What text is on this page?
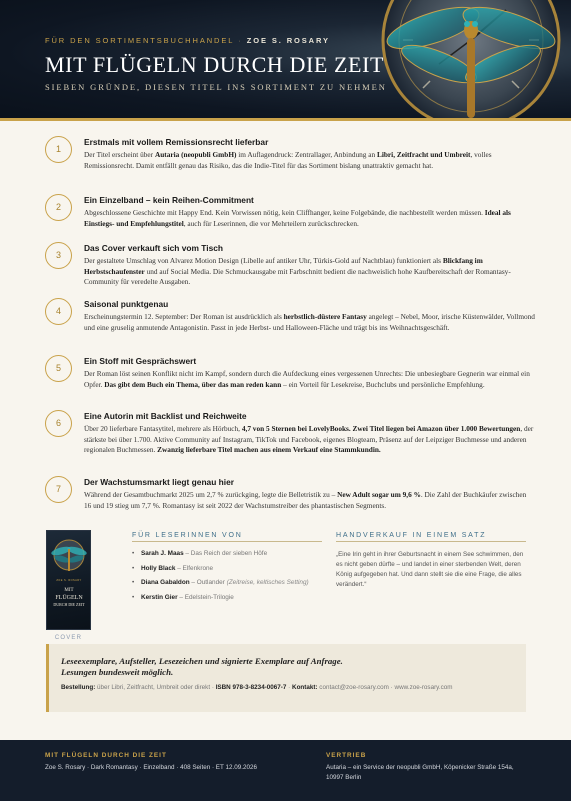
FÜR DEN SORTIMENTSBUCHHANDEL · ZOE S. ROSARY
MIT FLÜGELN DURCH DIE ZEIT
SIEBEN GRÜNDE, DIESEN TITEL INS SORTIMENT ZU NEHMEN
1
Erstmals mit vollem Remissionsrecht lieferbar
Der Titel erscheint über Autaria (neopubli GmbH) im Auflagendruck: Zentrallager, Anbindung an Libri, Zeitfracht und Umbreit, volles Remissionsrecht. Damit entfällt genau das Risiko, das die Indie-Titel für das Sortiment bislang unattraktiv gemacht hat.
2
Ein Einzelband – kein Reihen-Commitment
Abgeschlossene Geschichte mit Happy End. Kein Vorwissen nötig, kein Cliffhanger, keine Folgebände, die nachbestellt werden müssen. Ideal als Einstiegs- und Empfehlungstitel, auch für Leserinnen, die vor Mehrteilern zurückschrecken.
3
Das Cover verkauft sich vom Tisch
Der gestaltete Umschlag von Alvarez Motion Design (Libelle auf antiker Uhr, Türkis-Gold auf Nachtblau) funktioniert als Blickfang im Herbstschaufenster und auf Social Media. Die Schmuckausgabe mit Farbschnitt bedient die nachweislich hohe Kaufbereitschaft der Romantasy-Community für veredelte Ausgaben.
4
Saisonal punktgenau
Erscheinungstermin 12. September: Der Roman ist ausdrücklich als herbstlich-düstere Fantasy angelegt – Nebel, Moor, irische Küstenwälder, Vollmond und eine gruselig anmutende Antagonistin. Passt in jede Herbst- und Halloween-Fläche und trägt bis ins Weihnachtsgeschäft.
5
Ein Stoff mit Gesprächswert
Der Roman löst seinen Konflikt nicht im Kampf, sondern durch die Aufdeckung eines vergessenen Unrechts: Die unbesiegbare Gegnerin war einmal ein Opfer. Das gibt dem Buch ein Thema, über das man reden kann – ein Vorteil für Lesekreise, Buchclubs und persönliche Empfehlung.
6
Eine Autorin mit Backlist und Reichweite
Über 20 lieferbare Fantasytitel, mehrere als Hörbuch, 4,7 von 5 Sternen bei LovelyBooks. Zwei Titel liegen bei Amazon über 1.000 Bewertungen, der stärkste bei über 1.700. Aktive Community auf Instagram, TikTok und Facebook, eigenes Blogteam, Präsenz auf der Leipziger Buchmesse und anderen regionalen Buchmessen. Zwanzig lieferbare Titel machen aus einem Verkauf eine Stammkundin.
7
Der Wachstumsmarkt liegt genau hier
Während der Gesamtbuchmarkt 2025 um 2,7 % zurückging, legte die Belletristik zu – New Adult sogar um 9,6 %. Die Zahl der Buchkäufer zwischen 16 und 19 stieg um 7,7 %. Romantasy ist seit 2022 der Wachstumstreiber des phantastischen Segments.
ZOE S. ROSARY
MIT
FLÜGELN
DURCH DIE ZEIT
COVER
FÜR LESERINNEN VON
• Sarah J. Maas – Das Reich der sieben Höfe
• Holly Black – Elfenkrone
• Diana Gabaldon – Outlander (Zeitreise, keltisches Setting)
• Kerstin Gier – Edelstein-Trilogie
HANDVERKAUF IN EINEM SATZ
„Eine Irin geht in ihrer Geburtsnacht in einem See schwimmen, den es nicht geben dürfte – und landet in einer sterbenden Welt, deren König aufgegeben hat. Und dann stellt sie die eine Frage, die alles verändert.“
Leseexemplare, Aufsteller, Lesezeichen und signierte Exemplare auf Anfrage.
Lesungen bundesweit möglich.
Bestellung: über Libri, Zeitfracht, Umbreit oder direkt · ISBN 978-3-8234-0067-7 · Kontakt: contact@zoe-rosary.com · www.zoe-rosary.com
MIT FLÜGELN DURCH DIE ZEIT
Zoe S. Rosary · Dark Romantasy · Einzelband · 408 Seiten · ET 12.09.2026
VERTRIEB
Autaria – ein Service der neopubli GmbH, Köpenicker Straße 154a, 10997 Berlin
